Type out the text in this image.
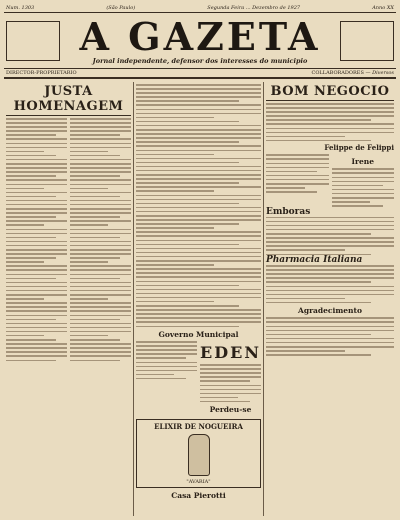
Num. 1303	(São Paulo)	Segunda Feira ... Dezembro de 1927	Anno XX
A GAZETA
Jornal independente, defensor dos interesses do municipio
DIRECTOR-PROPRIETARIO	COLLABORADORES — Diversos
JUSTA HOMENAGEM
Governo Municipal
EDEN
Perdeu-se
ELIXIR DE NOGUEIRA
"AVARIA"
Casa Pierotti
BOM NEGOCIO
Felippe de Felippi
Irene
Emboras
Pharmacia Italiana
Agradecimento
